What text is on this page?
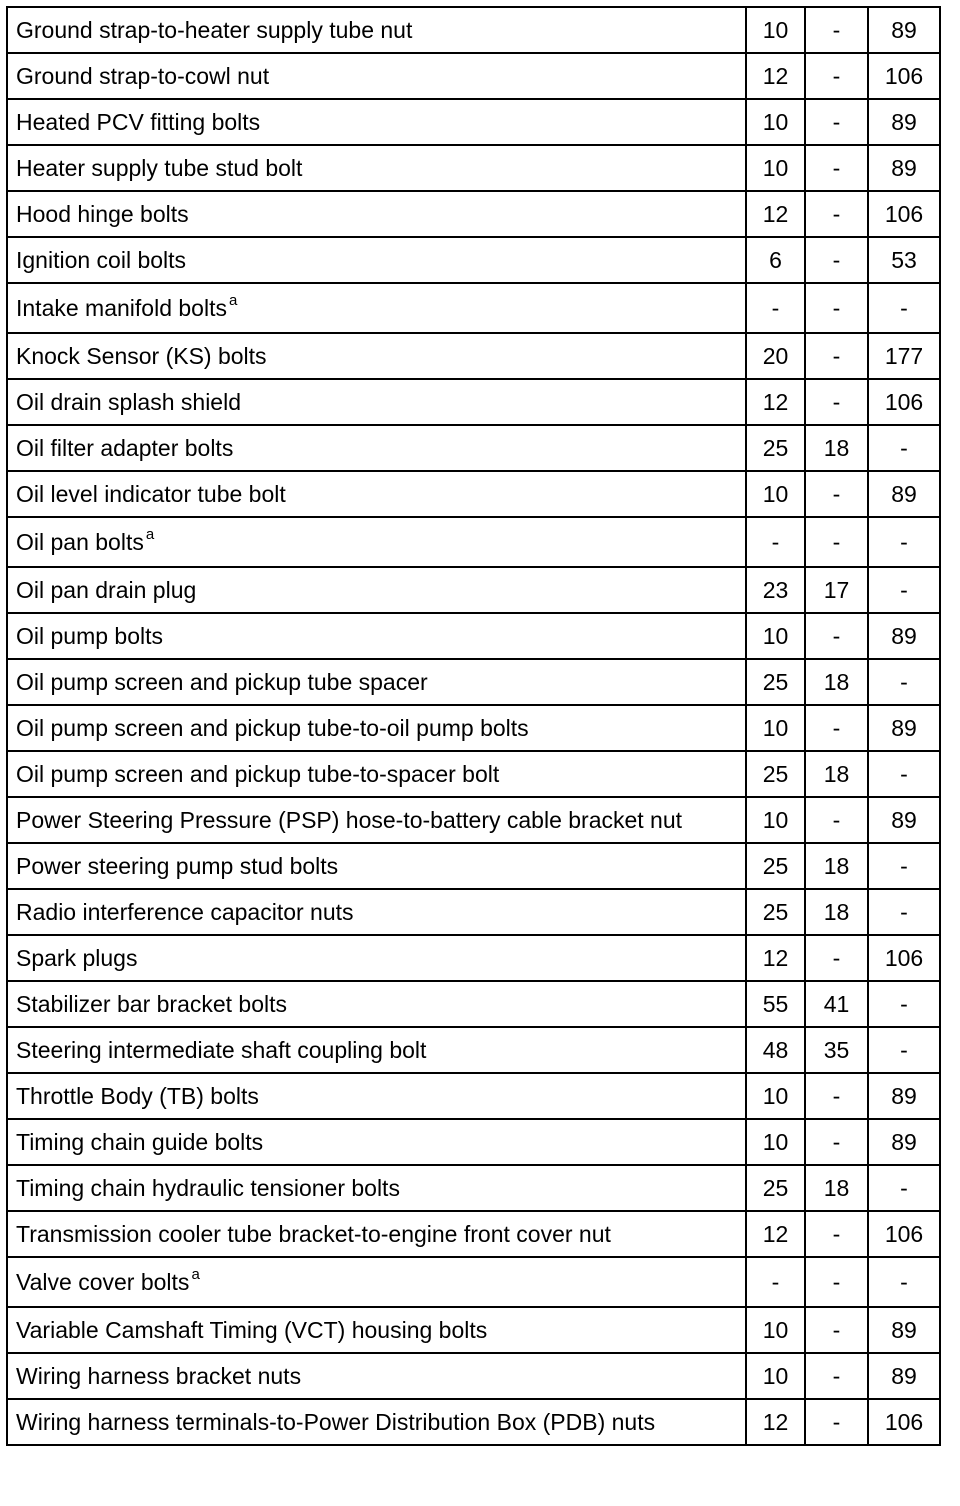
Ground strap-to-heater supply tube nut	10	-	89
Ground strap-to-cowl nut	12	-	106
Heated PCV fitting bolts	10	-	89
Heater supply tube stud bolt	10	-	89
Hood hinge bolts	12	-	106
Ignition coil bolts	6	-	53
Intake manifold bolts $^a$	-	-	-
Knock Sensor (KS) bolts	20	-	177
Oil drain splash shield	12	-	106
Oil filter adapter bolts	25	18	-
Oil level indicator tube bolt	10	-	89
Oil pan bolts $^a$	-	-	-
Oil pan drain plug	23	17	-
Oil pump bolts	10	-	89
Oil pump screen and pickup tube spacer	25	18	-
Oil pump screen and pickup tube-to-oil pump bolts	10	-	89
Oil pump screen and pickup tube-to-spacer bolt	25	18	-
Power Steering Pressure (PSP) hose-to-battery cable bracket nut	10	-	89
Power steering pump stud bolts	25	18	-
Radio interference capacitor nuts	25	18	-
Spark plugs	12	-	106
Stabilizer bar bracket bolts	55	41	-
Steering intermediate shaft coupling bolt	48	35	-
Throttle Body (TB) bolts	10	-	89
Timing chain guide bolts	10	-	89
Timing chain hydraulic tensioner bolts	25	18	-
Transmission cooler tube bracket-to-engine front cover nut	12	-	106
Valve cover bolts $^a$	-	-	-
Variable Camshaft Timing (VCT) housing bolts	10	-	89
Wiring harness bracket nuts	10	-	89
Wiring harness terminals-to-Power Distribution Box (PDB) nuts	12	-	106
